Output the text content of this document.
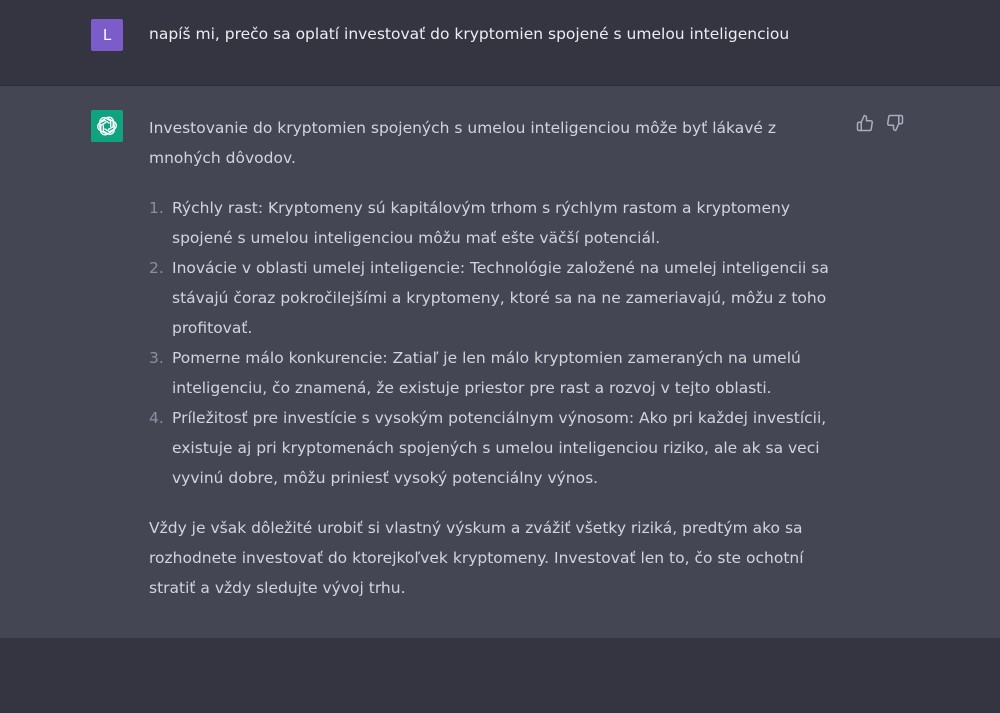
L	napíš mi, prečo sa oplatí investovať do kryptomien spojené s umelou inteligenciou

Investovanie do kryptomien spojených s umelou inteligenciou môže byť lákavé z mnohých dôvodov.

1. Rýchly rast: Kryptomeny sú kapitálovým trhom s rýchlym rastom a kryptomeny spojené s umelou inteligenciou môžu mať ešte väčší potenciál.
2. Inovácie v oblasti umelej inteligencie: Technológie založené na umelej inteligencii sa stávajú čoraz pokročilejšími a kryptomeny, ktoré sa na ne zameriavajú, môžu z toho profitovať.
3. Pomerne málo konkurencie: Zatiaľ je len málo kryptomien zameraných na umelú inteligenciu, čo znamená, že existuje priestor pre rast a rozvoj v tejto oblasti.
4. Príležitosť pre investície s vysokým potenciálnym výnosom: Ako pri každej investícii, existuje aj pri kryptomenách spojených s umelou inteligenciou riziko, ale ak sa veci vyvinú dobre, môžu priniesť vysoký potenciálny výnos.

Vždy je však dôležité urobiť si vlastný výskum a zvážiť všetky riziká, predtým ako sa rozhodnete investovať do ktorejkoľvek kryptomeny. Investovať len to, čo ste ochotní stratiť a vždy sledujte vývoj trhu.
